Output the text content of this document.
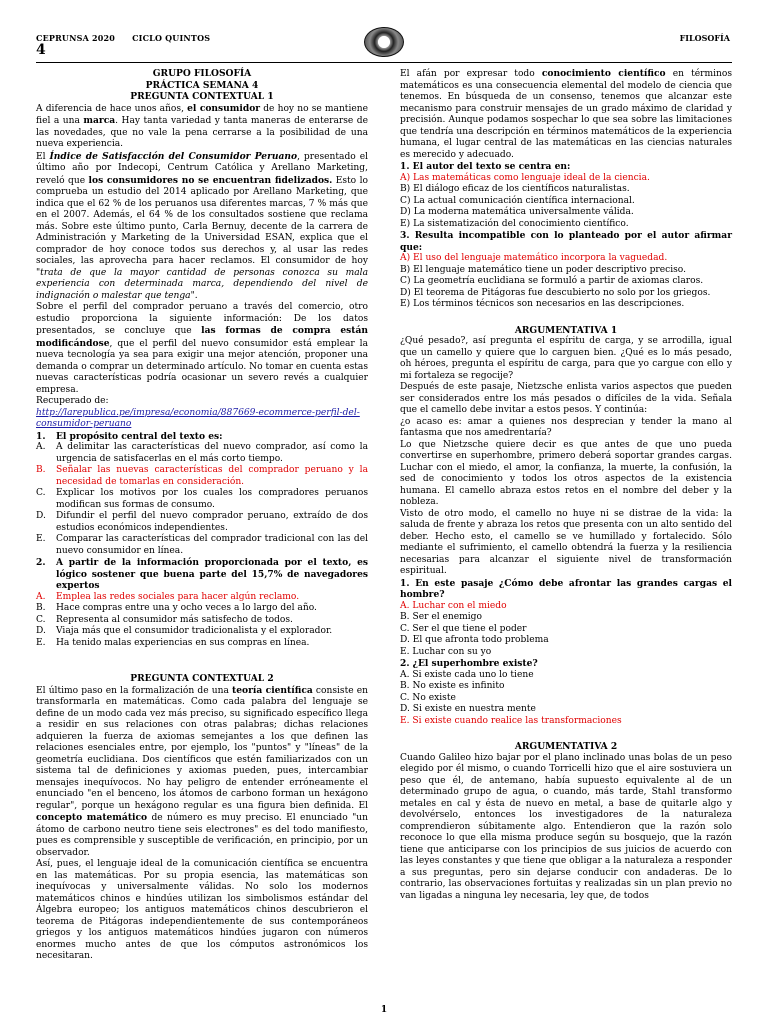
CEPRUNSA 2020 CICLO QUINTOS
4
FILOSOFÍA

GRUPO FILOSOFÍA

PRÁCTICA SEMANA 4

PREGUNTA CONTEXTUAL 1

A diferencia de hace unos años, el consumidor de hoy no se mantiene fiel a una marca. Hay tanta variedad y tanta maneras de enterarse de las novedades, que no vale la pena cerrarse a la posibilidad de una nueva experiencia.

El Índice de Satisfacción del Consumidor Peruano, presentado el último año por Indecopi, Centrum Católica y Arellano Marketing, reveló que los consumidores no se encuentran fidelizados. Esto lo comprueba un estudio del 2014 aplicado por Arellano Marketing, que indica que el 62 % de los peruanos usa diferentes marcas, 7 % más que en el 2007. Además, el 64 % de los consultados sostiene que reclama más. Sobre este último punto, Carla Bernuy, decente de la carrera de Administración y Marketing de la Universidad ESAN, explica que el comprador de hoy conoce todos sus derechos y, al usar las redes sociales, las aprovecha para hacer reclamos. El consumidor de hoy "trata de que la mayor cantidad de personas conozca su mala experiencia con determinada marca, dependiendo del nivel de indignación o malestar que tenga".

Sobre el perfil del comprador peruano a través del comercio, otro estudio proporciona la siguiente información: De los datos presentados, se concluye que las formas de compra están modificándose, que el perfil del nuevo consumidor está emplear la nueva tecnología ya sea para exigir una mejor atención, proponer una demanda o comprar un determinado artículo. No tomar en cuenta estas nuevas características podría ocasionar un severo revés a cualquier empresa.

Recuperado de:

http://larepublica.pe/impresa/economia/887669-ecommerce-perfil-del-consumidor-peruano

1.	El propósito central del texto es:
A.	A delimitar las características del nuevo comprador, así como la urgencia de satisfacerlas en el más corto tiempo.
B.	Señalar las nuevas características del comprador peruano y la necesidad de tomarlas en consideración.
C.	Explicar los motivos por los cuales los compradores peruanos modifican sus formas de consumo.
D.	Difundir el perfil del nuevo comprador peruano, extraído de dos estudios económicos independientes.
E.	Comparar las características del comprador tradicional con las del nuevo consumidor en línea.
2.	A partir de la información proporcionada por el texto, es lógico sostener que buena parte del 15,7% de navegadores expertos
A.	Emplea las redes sociales para hacer algún reclamo.
B.	Hace compras entre una y ocho veces a lo largo del año.
C.	Representa al consumidor más satisfecho de todos.
D.	Viaja más que el consumidor tradicionalista y el explorador.
E.	Ha tenido malas experiencias en sus compras en línea.

PREGUNTA CONTEXTUAL 2

El último paso en la formalización de una teoría científica consiste en transformarla en matemáticas. Como cada palabra del lenguaje se define de un modo cada vez más preciso, su significado específico llega a residir en sus relaciones con otras palabras; dichas relaciones adquieren la fuerza de axiomas semejantes a los que definen las relaciones esenciales entre, por ejemplo, los "puntos" y "líneas" de la geometría euclidiana. Dos científicos que estén familiarizados con un sistema tal de definiciones y axiomas pueden, pues, intercambiar mensajes inequívocos. No hay peligro de entender erróneamente el enunciado "en el benceno, los átomos de carbono forman un hexágono regular", porque un hexágono regular es una figura bien definida. El concepto matemático de número es muy preciso. El enunciado "un átomo de carbono neutro tiene seis electrones" es del todo manifiesto, pues es comprensible y susceptible de verificación, en principio, por un observador.

Así, pues, el lenguaje ideal de la comunicación científica se encuentra en las matemáticas. Por su propia esencia, las matemáticas son inequívocas y universalmente válidas. No solo los modernos matemáticos chinos e hindúes utilizan los simbolismos estándar del Álgebra europeo; los antiguos matemáticos chinos descubrieron el teorema de Pitágoras independientemente de sus contemporáneos griegos y los antiguos matemáticos hindúes jugaron con números enormes mucho antes de que los cómputos astronómicos los necesitaran.

El afán por expresar todo conocimiento científico en términos matemáticos es una consecuencia elemental del modelo de ciencia que tenemos. En búsqueda de un consenso, tenemos que alcanzar este mecanismo para construir mensajes de un grado máximo de claridad y precisión. Aunque podamos sospechar lo que sea sobre las limitaciones que tendría una descripción en términos matemáticos de la experiencia humana, el lugar central de las matemáticas en las ciencias naturales es merecido y adecuado.

1. El autor del texto se centra en:

A) Las matemáticas como lenguaje ideal de la ciencia.

B) El diálogo eficaz de los científicos naturalistas.

C) La actual comunicación científica internacional.

D) La moderna matemática universalmente válida.

E) La sistematización del conocimiento científico.

3. Resulta incompatible con lo planteado por el autor afirmar que:

A) El uso del lenguaje matemático incorpora la vaguedad.

B) El lenguaje matemático tiene un poder descriptivo preciso.

C) La geometría euclidiana se formuló a partir de axiomas claros.

D) El teorema de Pitágoras fue descubierto no solo por los griegos.

E) Los términos técnicos son necesarios en las descripciones.

ARGUMENTATIVA 1

¿Qué pesado?, así pregunta el espíritu de carga, y se arrodilla, igual que un camello y quiere que lo carguen bien. ¿Qué es lo más pesado, oh héroes, pregunta el espíritu de carga, para que yo cargue con ello y mi fortaleza se regocije?

Después de este pasaje, Nietzsche enlista varios aspectos que pueden ser considerados entre los más pesados o difíciles de la vida. Señala que el camello debe invitar a estos pesos. Y continúa:

¿o acaso es: amar a quienes nos desprecian y tender la mano al fantasma que nos amedrentaría?

Lo que Nietzsche quiere decir es que antes de que uno pueda convertirse en superhombre, primero deberá soportar grandes cargas. Luchar con el miedo, el amor, la confianza, la muerte, la confusión, la sed de conocimiento y todos los otros aspectos de la existencia humana. El camello abraza estos retos en el nombre del deber y la nobleza.

Visto de otro modo, el camello no huye ni se distrae de la vida: la saluda de frente y abraza los retos que presenta con un alto sentido del deber. Hecho esto, el camello se ve humillado y fortalecido. Sólo mediante el sufrimiento, el camello obtendrá la fuerza y la resiliencia necesarias para alcanzar el siguiente nivel de transformación espiritual.

1. En este pasaje ¿Cómo debe afrontar las grandes cargas el hombre?

A. Luchar con el miedo

B. Ser el enemigo

C. Ser el que tiene el poder

D. El que afronta todo problema

E. Luchar con su yo

2. ¿El superhombre existe?

A. Si existe cada uno lo tiene

B. No existe es infinito

C. No existe

D. Si existe en nuestra mente

E. Si existe cuando realice las transformaciones

ARGUMENTATIVA 2

Cuando Galileo hizo bajar por el plano inclinado unas bolas de un peso elegido por él mismo, o cuando Torricelli hizo que el aire sostuviera un peso que él, de antemano, había supuesto equivalente al de un determinado grupo de agua, o cuando, más tarde, Stahl transformo metales en cal y ésta de nuevo en metal, a base de quitarle algo y devolvérselo, entonces los investigadores de la naturaleza comprendieron súbitamente algo. Entendieron que la razón solo reconoce lo que ella misma produce según su bosquejo, que la razón tiene que anticiparse con los principios de sus juicios de acuerdo con las leyes constantes y que tiene que obligar a la naturaleza a responder a sus preguntas, pero sin dejarse conducir con andaderas. De lo contrario, las observaciones fortuitas y realizadas sin un plan previo no van ligadas a ninguna ley necesaria, ley que, de todos

1
